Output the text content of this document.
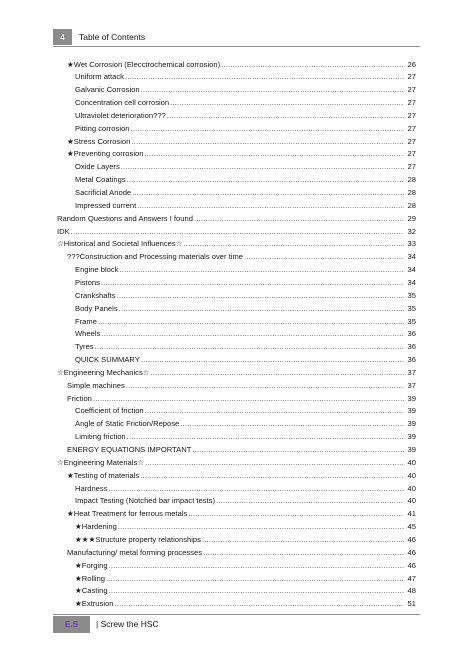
4	Table of Contents
★Wet Corrosion (Elecctrochemical corrosion) .....	26
Uniform attack .....	27
Galvanic Corrosion .....	27
Concentration cell corrosion .....	27
Ultraviolet deterioration??? .....	27
Pitting corrosion .....	27
★Stress Corrosion .....	27
★Preventing corrosion .....	27
Oxide Layers .....	27
Metal Coatings .....	28
Sacrificial Anode .....	28
Impressed current .....	28
Random Questions and Answers I found .....	29
IDK .....	32
☆Historical and Societal Influences☆ .....	33
???Construction and Processing materials over time .....	34
Engine block .....	34
Pistons .....	34
Crankshafts .....	35
Body Panels .....	35
Frame .....	35
Wheels .....	36
Tyres .....	36
QUICK SUMMARY .....	36
☆Engineering Mechanics☆ .....	37
Simple machines .....	37
Friction .....	39
Coefficient of friction .....	39
Angle of Static Friction/Repose .....	39
Limiting friction .....	39
ENERGY EQUATIONS IMPORTANT .....	39
☆Engineering Materials☆ .....	40
★Testing of materials .....	40
Hardness .....	40
Impact Testing (Notched bar impact tests) .....	40
★Heat Treatment for ferrous metals .....	41
★Hardening .....	45
★★★Structure property relationships .....	46
Manufacturing/ metal forming processes .....	46
★Forging .....	46
★Rolling .....	47
★Casting .....	48
★Extrusion .....	51
E.S	| Screw the HSC
